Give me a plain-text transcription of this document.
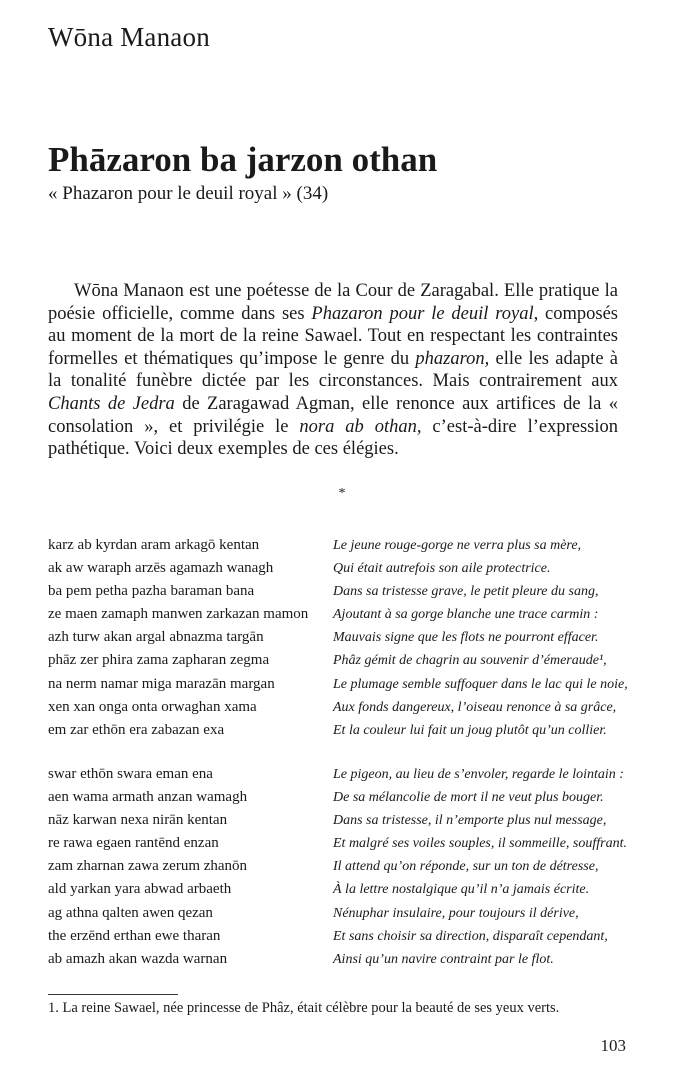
Wōna Manaon
Phāzaron ba jarzon othan
« Phazaron pour le deuil royal » (34)
Wōna Manaon est une poétesse de la Cour de Zaragabal. Elle pratique la poésie officielle, comme dans ses Phazaron pour le deuil royal, composés au moment de la mort de la reine Sawael. Tout en respectant les contraintes formelles et thématiques qu’impose le genre du phazaron, elle les adapte à la tonalité funèbre dictée par les circonstances. Mais contrairement aux Chants de Jedra de Zaragawad Agman, elle renonce aux artifices de la « consolation », et privilégie le nora ab othan, c’est-à-dire l’expression pathétique. Voici deux exemples de ces élégies.
*
karz ab kyrdan aram arkagō kentan
ak aw waraph arzēs agamazh wanagh
ba pem petha pazha baraman bana
ze maen zamaph manwen zarkazan mamon
azh turw akan argal abnazma targān
phāz zer phira zama zapharan zegma
na nerm namar miga marazān margan
xen xan onga onta orwaghan xama
em zar ethōn era zabazan exa
Le jeune rouge-gorge ne verra plus sa mère,
Qui était autrefois son aile protectrice.
Dans sa tristesse grave, le petit pleure du sang,
Ajoutant à sa gorge blanche une trace carmin :
Mauvais signe que les flots ne pourront effacer.
Phâz gémit de chagrin au souvenir d’émeraude¹,
Le plumage semble suffoquer dans le lac qui le noie,
Aux fonds dangereux, l’oiseau renonce à sa grâce,
Et la couleur lui fait un joug plutôt qu’un collier.
swar ethōn swara eman ena
aen wama armath anzan wamagh
nāz karwan nexa nirān kentan
re rawa egaen rantēnd enzan
zam zharnan zawa zerum zhanōn
ald yarkan yara abwad arbaeth
ag athna qalten awen qezan
the erzēnd erthan ewe tharan
ab amazh akan wazda warnan
Le pigeon, au lieu de s’envoler, regarde le lointain :
De sa mélancolie de mort il ne veut plus bouger.
Dans sa tristesse, il n’emporte plus nul message,
Et malgré ses voiles souples, il sommeille, souffrant.
Il attend qu’on réponde, sur un ton de détresse,
À la lettre nostalgique qu’il n’a jamais écrite.
Nénuphar insulaire, pour toujours il dérive,
Et sans choisir sa direction, disparaît cependant,
Ainsi qu’un navire contraint par le flot.
1. La reine Sawael, née princesse de Phâz, était célèbre pour la beauté de ses yeux verts.
103
